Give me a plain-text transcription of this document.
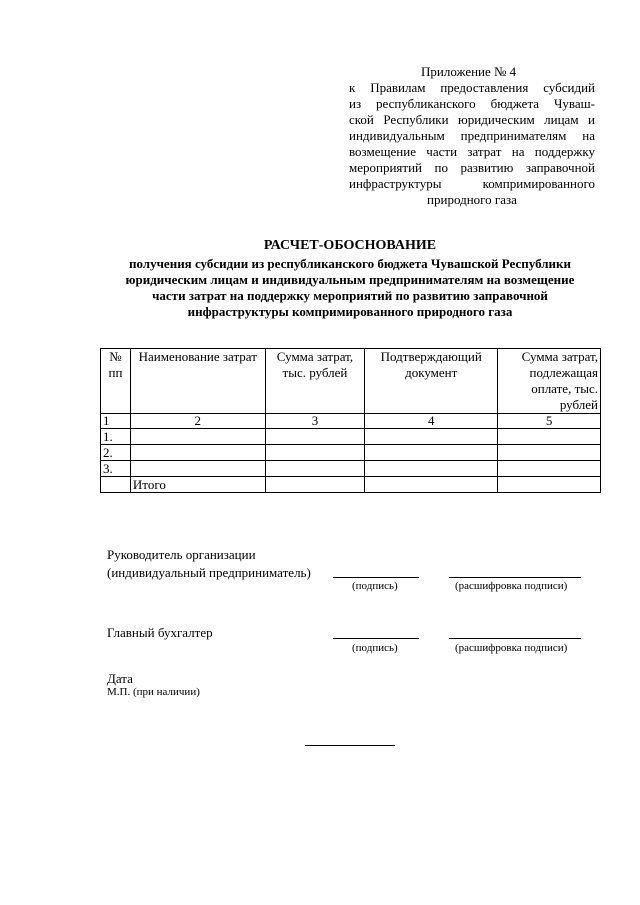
Приложение № 4
к Правилам предоставления субсидий
из республиканского бюджета Чуваш-
ской Республики юридическим лицам и
индивидуальным предпринимателям на
возмещение части затрат на поддержку
мероприятий по развитию заправочной
инфраструктуры компримированного
природного газа
РАСЧЕТ-ОБОСНОВАНИЕ
получения субсидии из республиканского бюджета Чувашской Республики
юридическим лицам и индивидуальным предпринимателям на возмещение
части затрат на поддержку мероприятий по развитию заправочной
инфраструктуры компримированного природного газа
№ пп	Наименование затрат	Сумма затрат, тыс. рублей	Подтверждающий документ	Сумма затрат, подлежащая оплате, тыс. рублей
1	2	3	4	5
1.				
2.				
3.				
	Итого			
Руководитель организации
(индивидуальный предприниматель)
(подпись)	(расшифровка подписи)
Главный бухгалтер
(подпись)	(расшифровка подписи)
Дата
М.П. (при наличии)
